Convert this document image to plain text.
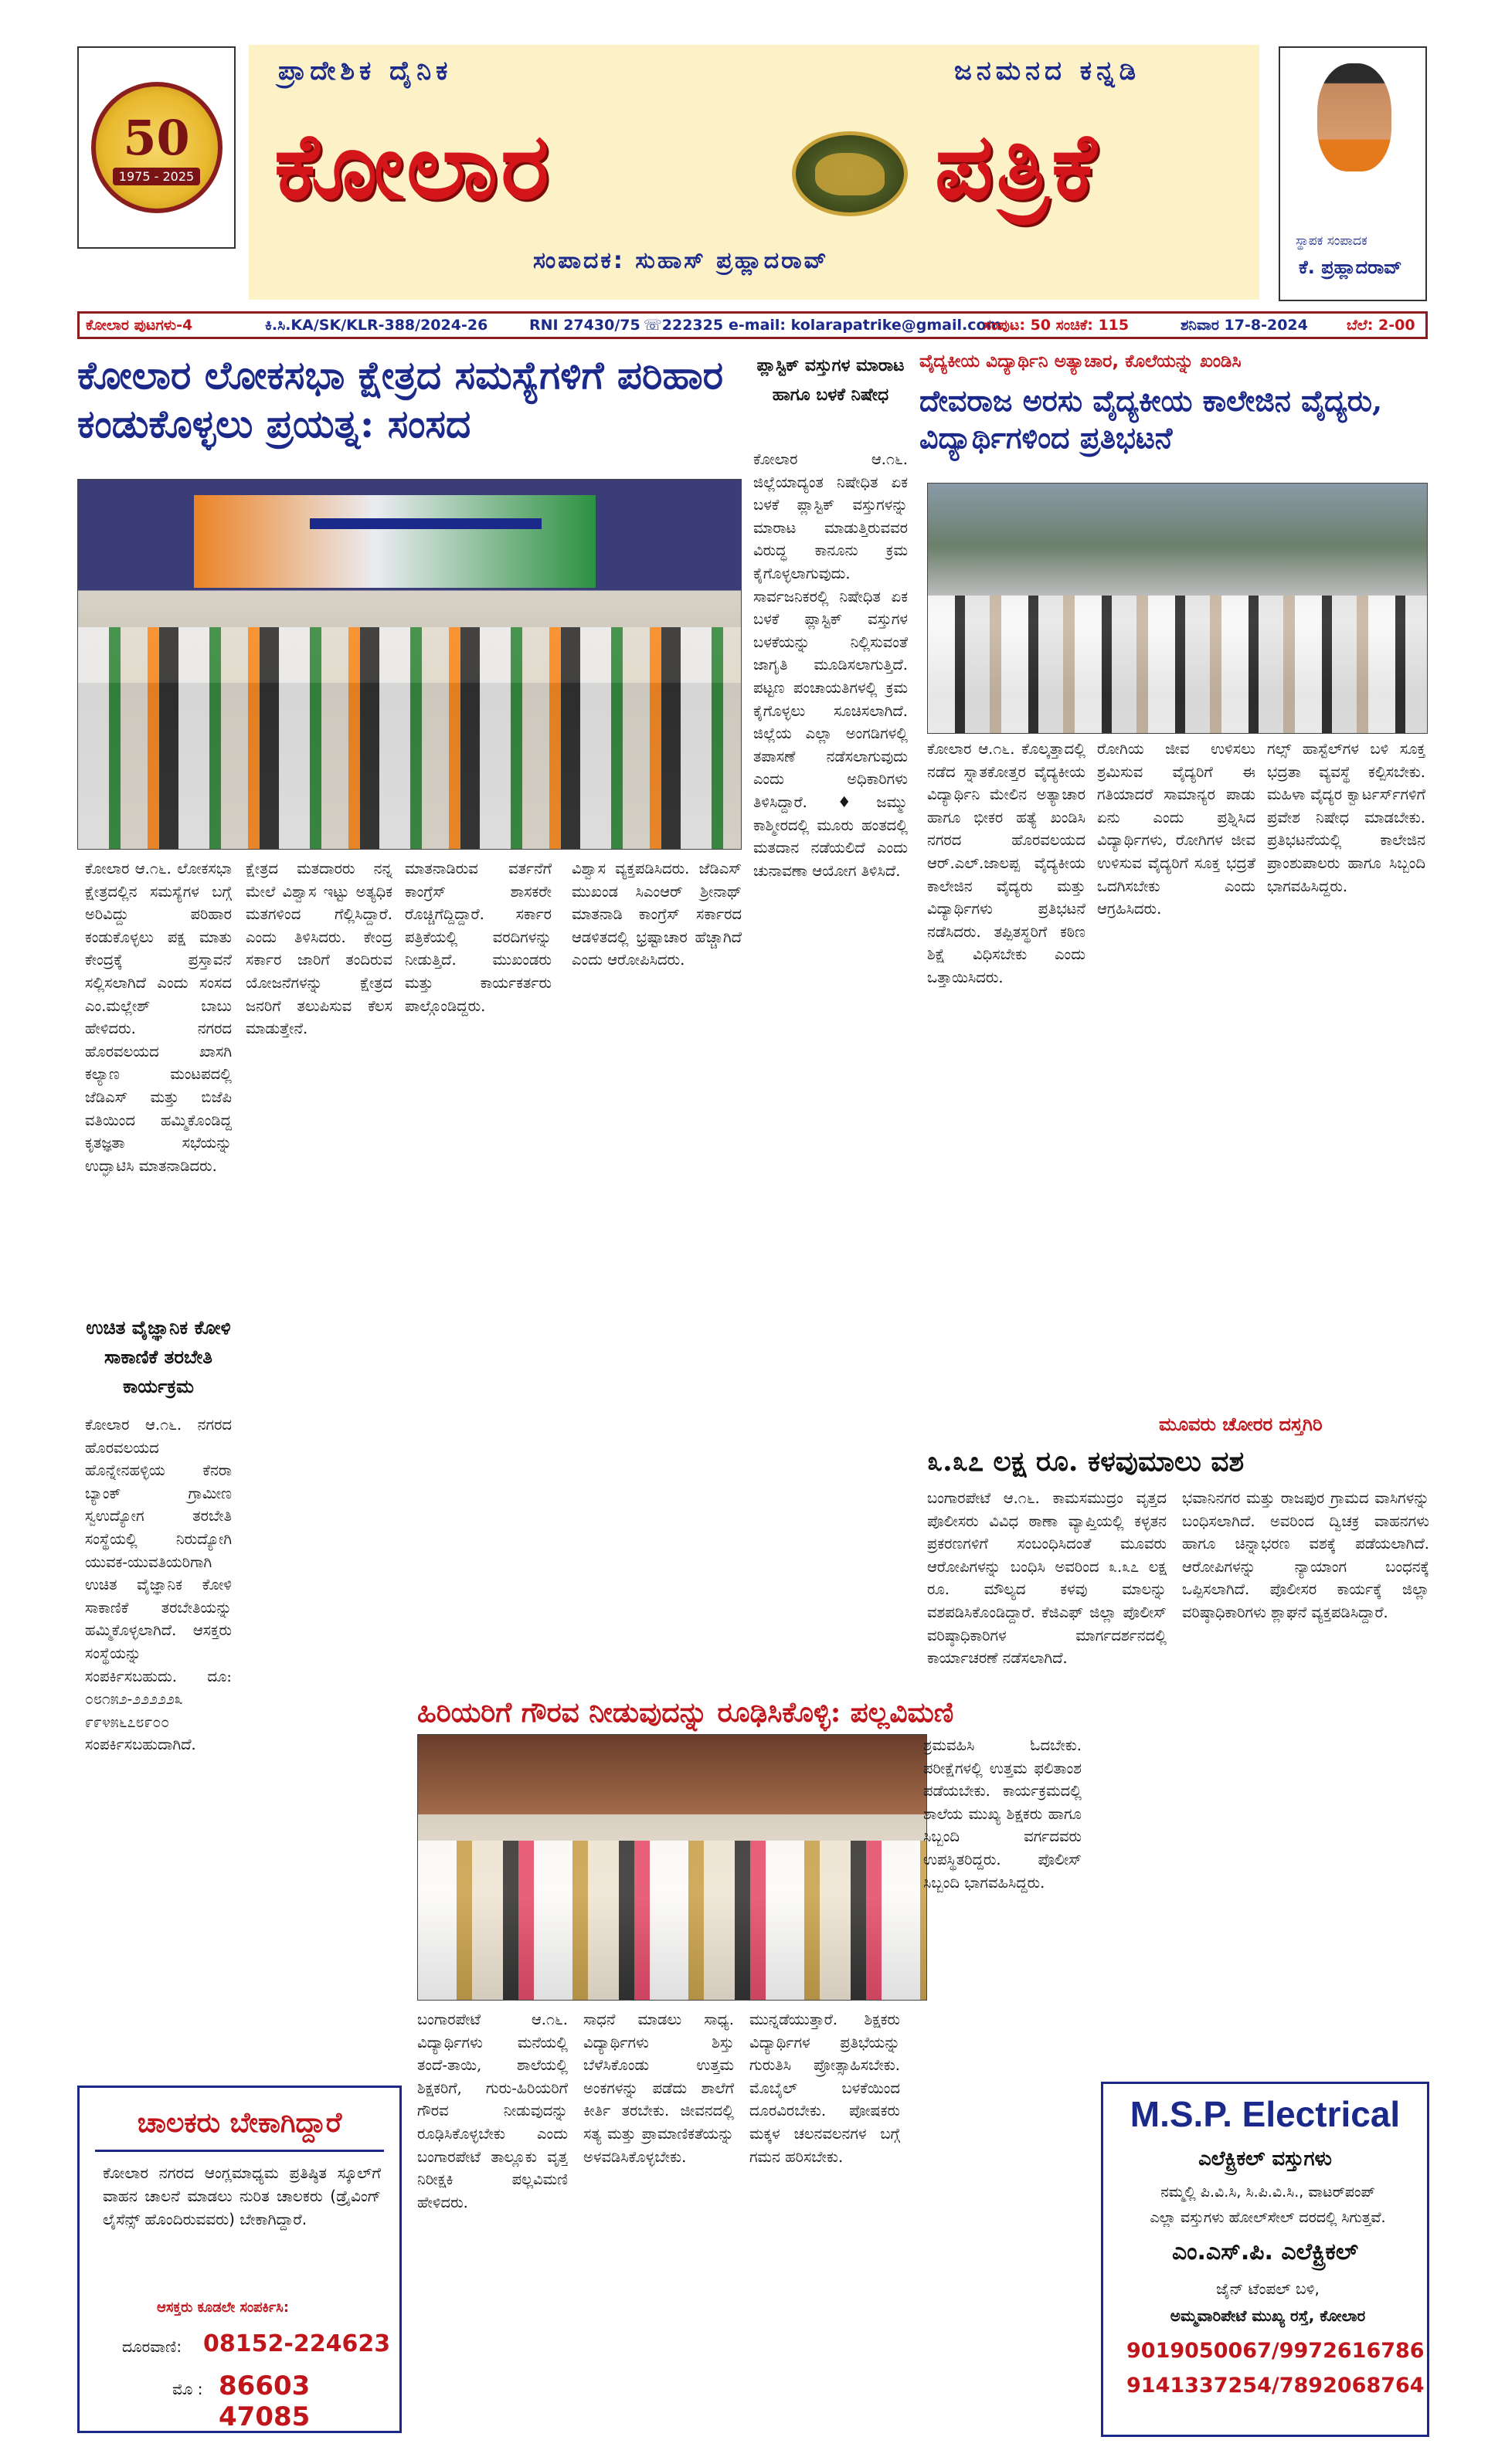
50
1975 - 2025
ಪ್ರಾದೇಶಿಕ ದೈನಿಕ	ಜನಮನದ ಕನ್ನಡಿ
ಕೋಲಾರ	ಪತ್ರಿಕೆ
ಸಂಪಾದಕ: ಸುಹಾಸ್ ಪ್ರಹ್ಲಾದರಾವ್
ಸ್ಥಾಪಕ ಸಂಪಾದಕ
ಕೆ. ಪ್ರಹ್ಲಾದರಾವ್
ಕೋಲಾರ ಪುಟಗಳು-4	ಕಿ.ಸಿ.KA/SK/KLR-388/2024-26	RNI 27430/75 ☏222325 e-mail: kolarapatrike@gmail.com
ಸಂಪುಟ: 50 ಸಂಚಿಕೆ: 115	ಶನಿವಾರ 17-8-2024	ಬೆಲೆ: 2-00
ಕೋಲಾರ ಲೋಕಸಭಾ ಕ್ಷೇತ್ರದ ಸಮಸ್ಯೆಗಳಿಗೆ ಪರಿಹಾರ ಕಂಡುಕೊಳ್ಳಲು ಪ್ರಯತ್ನ: ಸಂಸದ
ಕೋಲಾರ ಆ.೧೬. ಲೋಕಸಭಾ ಕ್ಷೇತ್ರದಲ್ಲಿನ ಸಮಸ್ಯೆಗಳ ಬಗ್ಗೆ ಅರಿವಿದ್ದು ಪರಿಹಾರ ಕಂಡುಕೊಳ್ಳಲು ಪಕ್ಷ ಮಾತು ಕೇಂದ್ರಕ್ಕೆ ಪ್ರಸ್ತಾವನೆ ಸಲ್ಲಿಸಲಾಗಿದೆ ಎಂದು ಸಂಸದ ಎಂ.ಮಲ್ಲೇಶ್ ಬಾಬು ಹೇಳಿದರು. ನಗರದ ಹೊರವಲಯದ ಖಾಸಗಿ ಕಲ್ಯಾಣ ಮಂಟಪದಲ್ಲಿ ಜೆಡಿಎಸ್ ಮತ್ತು ಬಿಜೆಪಿ ವತಿಯಿಂದ ಹಮ್ಮಿಕೊಂಡಿದ್ದ ಕೃತಜ್ಞತಾ ಸಭೆಯನ್ನು ಉದ್ಘಾಟಿಸಿ ಮಾತನಾಡಿದರು.
ಕ್ಷೇತ್ರದ ಮತದಾರರು ನನ್ನ ಮೇಲೆ ವಿಶ್ವಾಸ ಇಟ್ಟು ಅತ್ಯಧಿಕ ಮತಗಳಿಂದ ಗೆಲ್ಲಿಸಿದ್ದಾರೆ. ಎಂದು ತಿಳಿಸಿದರು. ಕೇಂದ್ರ ಸರ್ಕಾರ ಜಾರಿಗೆ ತಂದಿರುವ ಯೋಜನೆಗಳನ್ನು ಕ್ಷೇತ್ರದ ಜನರಿಗೆ ತಲುಪಿಸುವ ಕೆಲಸ ಮಾಡುತ್ತೇನೆ.
ಮಾತನಾಡಿರುವ ವರ್ತನೆಗೆ ಕಾಂಗ್ರೆಸ್ ಶಾಸಕರೇ ರೊಚ್ಚಿಗೆದ್ದಿದ್ದಾರೆ. ಸರ್ಕಾರ ಪತ್ರಿಕೆಯಲ್ಲಿ ವರದಿಗಳನ್ನು ನೀಡುತ್ತಿದೆ. ಮುಖಂಡರು ಮತ್ತು ಕಾರ್ಯಕರ್ತರು ಪಾಲ್ಗೊಂಡಿದ್ದರು.
ವಿಶ್ವಾಸ ವ್ಯಕ್ತಪಡಿಸಿದರು. ಜೆಡಿಎಸ್ ಮುಖಂಡ ಸಿಎಂಆರ್ ಶ್ರೀನಾಥ್ ಮಾತನಾಡಿ ಕಾಂಗ್ರೆಸ್ ಸರ್ಕಾರದ ಆಡಳಿತದಲ್ಲಿ ಭ್ರಷ್ಟಾಚಾರ ಹೆಚ್ಚಾಗಿದೆ ಎಂದು ಆರೋಪಿಸಿದರು.
ಉಚಿತ ವೈಜ್ಞಾನಿಕ ಕೋಳಿ ಸಾಕಾಣಿಕೆ ತರಬೇತಿ ಕಾರ್ಯಕ್ರಮ
ಕೋಲಾರ ಆ.೧೬. ನಗರದ ಹೊರವಲಯದ ಹೊನ್ನೇನಹಳ್ಳಿಯ ಕೆನರಾ ಬ್ಯಾಂಕ್ ಗ್ರಾಮೀಣ ಸ್ವಉದ್ಯೋಗ ತರಬೇತಿ ಸಂಸ್ಥೆಯಲ್ಲಿ ನಿರುದ್ಯೋಗಿ ಯುವಕ-ಯುವತಿಯರಿಗಾಗಿ ಉಚಿತ ವೈಜ್ಞಾನಿಕ ಕೋಳಿ ಸಾಕಾಣಿಕೆ ತರಬೇತಿಯನ್ನು ಹಮ್ಮಿಕೊಳ್ಳಲಾಗಿದೆ. ಆಸಕ್ತರು ಸಂಸ್ಥೆಯನ್ನು ಸಂಪರ್ಕಿಸಬಹುದು. ದೂ: ೦೮೧೫೨-೨೨೨೨೨೩ ೯೯೪೫೬೭೮೯೦೦ ಸಂಪರ್ಕಿಸಬಹುದಾಗಿದೆ.
ಪ್ಲಾಸ್ಟಿಕ್ ವಸ್ತುಗಳ ಮಾರಾಟ ಹಾಗೂ ಬಳಕೆ ನಿಷೇಧ
ಕೋಲಾರ ಆ.೧೬. ಜಿಲ್ಲೆಯಾದ್ಯಂತ ನಿಷೇಧಿತ ಏಕ ಬಳಕೆ ಪ್ಲಾಸ್ಟಿಕ್ ವಸ್ತುಗಳನ್ನು ಮಾರಾಟ ಮಾಡುತ್ತಿರುವವರ ವಿರುದ್ಧ ಕಾನೂನು ಕ್ರಮ ಕೈಗೊಳ್ಳಲಾಗುವುದು. ಸಾರ್ವಜನಿಕರಲ್ಲಿ ನಿಷೇಧಿತ ಏಕ ಬಳಕೆ ಪ್ಲಾಸ್ಟಿಕ್ ವಸ್ತುಗಳ ಬಳಕೆಯನ್ನು ನಿಲ್ಲಿಸುವಂತೆ ಜಾಗೃತಿ ಮೂಡಿಸಲಾಗುತ್ತಿದೆ. ಪಟ್ಟಣ ಪಂಚಾಯತಿಗಳಲ್ಲಿ ಕ್ರಮ ಕೈಗೊಳ್ಳಲು ಸೂಚಿಸಲಾಗಿದೆ. ಜಿಲ್ಲೆಯ ಎಲ್ಲಾ ಅಂಗಡಿಗಳಲ್ಲಿ ತಪಾಸಣೆ ನಡೆಸಲಾಗುವುದು ಎಂದು ಅಧಿಕಾರಿಗಳು ತಿಳಿಸಿದ್ದಾರೆ. ♦ಜಮ್ಮು ಕಾಶ್ಮೀರದಲ್ಲಿ ಮೂರು ಹಂತದಲ್ಲಿ ಮತದಾನ ನಡೆಯಲಿದೆ ಎಂದು ಚುನಾವಣಾ ಆಯೋಗ ತಿಳಿಸಿದೆ.
ವೈದ್ಯಕೀಯ ವಿದ್ಯಾರ್ಥಿನಿ ಅತ್ಯಾಚಾರ, ಕೊಲೆಯನ್ನು ಖಂಡಿಸಿ
ದೇವರಾಜ ಅರಸು ವೈದ್ಯಕೀಯ ಕಾಲೇಜಿನ ವೈದ್ಯರು, ವಿದ್ಯಾರ್ಥಿಗಳಿಂದ ಪ್ರತಿಭಟನೆ
ಕೋಲಾರ ಆ.೧೬. ಕೊಲ್ಕತ್ತಾದಲ್ಲಿ ನಡೆದ ಸ್ನಾತಕೋತ್ತರ ವೈದ್ಯಕೀಯ ವಿದ್ಯಾರ್ಥಿನಿ ಮೇಲಿನ ಅತ್ಯಾಚಾರ ಹಾಗೂ ಭೀಕರ ಹತ್ಯೆ ಖಂಡಿಸಿ ನಗರದ ಹೊರವಲಯದ ಆರ್.ಎಲ್.ಜಾಲಪ್ಪ ವೈದ್ಯಕೀಯ ಕಾಲೇಜಿನ ವೈದ್ಯರು ಮತ್ತು ವಿದ್ಯಾರ್ಥಿಗಳು ಪ್ರತಿಭಟನೆ ನಡೆಸಿದರು. ತಪ್ಪಿತಸ್ಥರಿಗೆ ಕಠಿಣ ಶಿಕ್ಷೆ ವಿಧಿಸಬೇಕು ಎಂದು ಒತ್ತಾಯಿಸಿದರು.
ರೋಗಿಯ ಜೀವ ಉಳಿಸಲು ಶ್ರಮಿಸುವ ವೈದ್ಯರಿಗೆ ಈ ಗತಿಯಾದರೆ ಸಾಮಾನ್ಯರ ಪಾಡು ಏನು ಎಂದು ಪ್ರಶ್ನಿಸಿದ ವಿದ್ಯಾರ್ಥಿಗಳು, ರೋಗಿಗಳ ಜೀವ ಉಳಿಸುವ ವೈದ್ಯರಿಗೆ ಸೂಕ್ತ ಭದ್ರತೆ ಒದಗಿಸಬೇಕು ಎಂದು ಆಗ್ರಹಿಸಿದರು.
ಗಲ್ಸ್ ಹಾಸ್ಟೆಲ್‌ಗಳ ಬಳಿ ಸೂಕ್ತ ಭದ್ರತಾ ವ್ಯವಸ್ಥೆ ಕಲ್ಪಿಸಬೇಕು. ಮಹಿಳಾ ವೈದ್ಯರ ಕ್ವಾರ್ಟರ್ಸ್‌ಗಳಿಗೆ ಪ್ರವೇಶ ನಿಷೇಧ ಮಾಡಬೇಕು. ಪ್ರತಿಭಟನೆಯಲ್ಲಿ ಕಾಲೇಜಿನ ಪ್ರಾಂಶುಪಾಲರು ಹಾಗೂ ಸಿಬ್ಬಂದಿ ಭಾಗವಹಿಸಿದ್ದರು.
ಮೂವರು ಚೋರರ ದಸ್ತಗಿರಿ
೩.೩೭ ಲಕ್ಷ ರೂ. ಕಳವುಮಾಲು ವಶ
ಬಂಗಾರಪೇಟೆ ಆ.೧೬. ಕಾಮಸಮುದ್ರಂ ವೃತ್ತದ ಪೊಲೀಸರು ವಿವಿಧ ಠಾಣಾ ವ್ಯಾಪ್ತಿಯಲ್ಲಿ ಕಳ್ಳತನ ಪ್ರಕರಣಗಳಿಗೆ ಸಂಬಂಧಿಸಿದಂತೆ ಮೂವರು ಆರೋಪಿಗಳನ್ನು ಬಂಧಿಸಿ ಅವರಿಂದ ೩.೩೭ ಲಕ್ಷ ರೂ. ಮೌಲ್ಯದ ಕಳವು ಮಾಲನ್ನು ವಶಪಡಿಸಿಕೊಂಡಿದ್ದಾರೆ. ಕೆಜಿಎಫ್ ಜಿಲ್ಲಾ ಪೊಲೀಸ್ ವರಿಷ್ಠಾಧಿಕಾರಿಗಳ ಮಾರ್ಗದರ್ಶನದಲ್ಲಿ ಕಾರ್ಯಾಚರಣೆ ನಡೆಸಲಾಗಿದೆ.
ಭವಾನಿನಗರ ಮತ್ತು ರಾಜಪುರ ಗ್ರಾಮದ ವಾಸಿಗಳನ್ನು ಬಂಧಿಸಲಾಗಿದೆ. ಅವರಿಂದ ದ್ವಿಚಕ್ರ ವಾಹನಗಳು ಹಾಗೂ ಚಿನ್ನಾಭರಣ ವಶಕ್ಕೆ ಪಡೆಯಲಾಗಿದೆ. ಆರೋಪಿಗಳನ್ನು ನ್ಯಾಯಾಂಗ ಬಂಧನಕ್ಕೆ ಒಪ್ಪಿಸಲಾಗಿದೆ. ಪೊಲೀಸರ ಕಾರ್ಯಕ್ಕೆ ಜಿಲ್ಲಾ ವರಿಷ್ಠಾಧಿಕಾರಿಗಳು ಶ್ಲಾಘನೆ ವ್ಯಕ್ತಪಡಿಸಿದ್ದಾರೆ.
ಹಿರಿಯರಿಗೆ ಗೌರವ ನೀಡುವುದನ್ನು ರೂಢಿಸಿಕೊಳ್ಳಿ: ಪಲ್ಲವಿಮಣಿ
ಬಂಗಾರಪೇಟೆ ಆ.೧೬. ವಿದ್ಯಾರ್ಥಿಗಳು ಮನೆಯಲ್ಲಿ ತಂದೆ-ತಾಯಿ, ಶಾಲೆಯಲ್ಲಿ ಶಿಕ್ಷಕರಿಗೆ, ಗುರು-ಹಿರಿಯರಿಗೆ ಗೌರವ ನೀಡುವುದನ್ನು ರೂಢಿಸಿಕೊಳ್ಳಬೇಕು ಎಂದು ಬಂಗಾರಪೇಟೆ ತಾಲ್ಲೂಕು ವೃತ್ತ ನಿರೀಕ್ಷಕಿ ಪಲ್ಲವಿಮಣಿ ಹೇಳಿದರು.
ಸಾಧನೆ ಮಾಡಲು ಸಾಧ್ಯ. ವಿದ್ಯಾರ್ಥಿಗಳು ಶಿಸ್ತು ಬೆಳೆಸಿಕೊಂಡು ಉತ್ತಮ ಅಂಕಗಳನ್ನು ಪಡೆದು ಶಾಲೆಗೆ ಕೀರ್ತಿ ತರಬೇಕು. ಜೀವನದಲ್ಲಿ ಸತ್ಯ ಮತ್ತು ಪ್ರಾಮಾಣಿಕತೆಯನ್ನು ಅಳವಡಿಸಿಕೊಳ್ಳಬೇಕು.
ಮುನ್ನಡೆಯುತ್ತಾರೆ. ಶಿಕ್ಷಕರು ವಿದ್ಯಾರ್ಥಿಗಳ ಪ್ರತಿಭೆಯನ್ನು ಗುರುತಿಸಿ ಪ್ರೋತ್ಸಾಹಿಸಬೇಕು. ಮೊಬೈಲ್ ಬಳಕೆಯಿಂದ ದೂರವಿರಬೇಕು. ಪೋಷಕರು ಮಕ್ಕಳ ಚಲನವಲನಗಳ ಬಗ್ಗೆ ಗಮನ ಹರಿಸಬೇಕು.
ಶ್ರಮವಹಿಸಿ ಓದಬೇಕು. ಪರೀಕ್ಷೆಗಳಲ್ಲಿ ಉತ್ತಮ ಫಲಿತಾಂಶ ಪಡೆಯಬೇಕು. ಕಾರ್ಯಕ್ರಮದಲ್ಲಿ ಶಾಲೆಯ ಮುಖ್ಯ ಶಿಕ್ಷಕರು ಹಾಗೂ ಸಿಬ್ಬಂದಿ ವರ್ಗದವರು ಉಪಸ್ಥಿತರಿದ್ದರು. ಪೊಲೀಸ್ ಸಿಬ್ಬಂದಿ ಭಾಗವಹಿಸಿದ್ದರು.
ಚಾಲಕರು ಬೇಕಾಗಿದ್ದಾರೆ
ಕೋಲಾರ ನಗರದ ಆಂಗ್ಲಮಾಧ್ಯಮ ಪ್ರತಿಷ್ಠಿತ ಸ್ಕೂಲ್‌ಗೆ ವಾಹನ ಚಾಲನೆ ಮಾಡಲು ನುರಿತ ಚಾಲಕರು (ಡ್ರೈವಿಂಗ್ ಲೈಸೆನ್ಸ್ ಹೊಂದಿರುವವರು) ಬೇಕಾಗಿದ್ದಾರೆ.
ಆಸಕ್ತರು ಕೂಡಲೇ ಸಂಪರ್ಕಿಸಿ:
ದೂರವಾಣಿ: 08152-224623
ಮೊ : 86603 47085
M.S.P. Electrical
ಎಲೆಕ್ಟ್ರಿಕಲ್ ವಸ್ತುಗಳು
ನಮ್ಮಲ್ಲಿ ಪಿ.ವಿ.ಸಿ, ಸಿ.ಪಿ.ವಿ.ಸಿ., ವಾಟರ್‌ಪಂಪ್
ಎಲ್ಲಾ ವಸ್ತುಗಳು ಹೋಲ್‌ಸೇಲ್ ದರದಲ್ಲಿ ಸಿಗುತ್ತವೆ.
ಎಂ.ಎಸ್.ಪಿ. ಎಲೆಕ್ಟ್ರಿಕಲ್
ಜೈನ್ ಟೆಂಪಲ್ ಬಳಿ,
ಅಮ್ಮವಾರಿಪೇಟೆ ಮುಖ್ಯ ರಸ್ತೆ, ಕೋಲಾರ
9019050067/9972616786
9141337254/7892068764
